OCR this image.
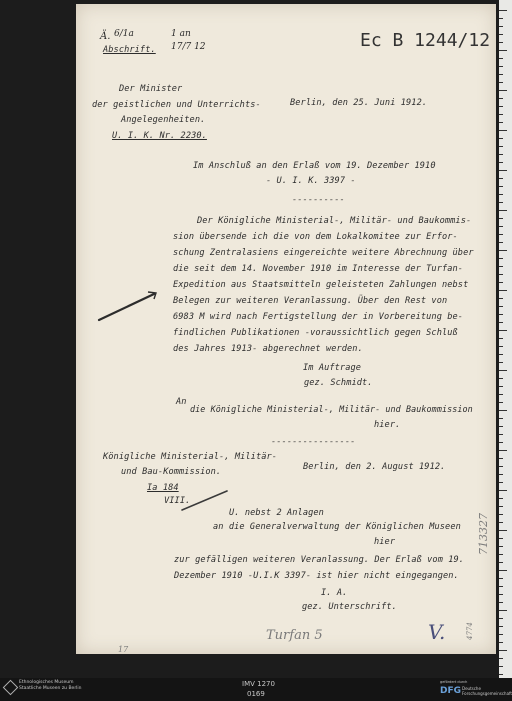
Ec B 1244/12
Ä. 6/1a	1 an
17/7 12
Abschrift.
Der Minister
der geistlichen und Unterrichts-
Angelegenheiten.
U. I. K. Nr. 2230.
Berlin, den 25. Juni 1912.
Im Anschluß an den Erlaß vom 19. Dezember 1910
- U. I. K. 3397 -
----------
Der Königliche Ministerial-, Militär- und Baukommis-
sion übersende ich die von dem Lokalkomitee zur Erfor-
schung Zentralasiens eingereichte weitere Abrechnung über
die seit dem 14. November 1910 im Interesse der Turfan-
Expedition aus Staatsmitteln geleisteten Zahlungen nebst
Belegen zur weiteren Veranlassung. Über den Rest von
6983 M wird nach Fertigstellung der in Vorbereitung be-
findlichen Publikationen -voraussichtlich gegen Schluß
des Jahres 1913- abgerechnet werden.
Im Auftrage
gez. Schmidt.
An
die Königliche Ministerial-, Militär- und Baukommission
hier.
----------------
Königliche Ministerial-, Militär-
und Bau-Kommission.	Berlin, den 2. August 1912.
Ia 184
VIII.
U. nebst 2 Anlagen
an die Generalverwaltung der Königlichen Museen
hier
zur gefälligen weiteren Veranlassung. Der Erlaß vom 19.
Dezember 1910 -U.I.K 3397- ist hier nicht eingegangen.
I. A.
gez. Unterschrift.
713327
4774
Turfan 5	V.
17
Ethnologisches Museum
Staatliche Museen zu Berlin
IMV 1270
0169
gefördert durch
DFG Deutsche
Forschungsgemeinschaft
